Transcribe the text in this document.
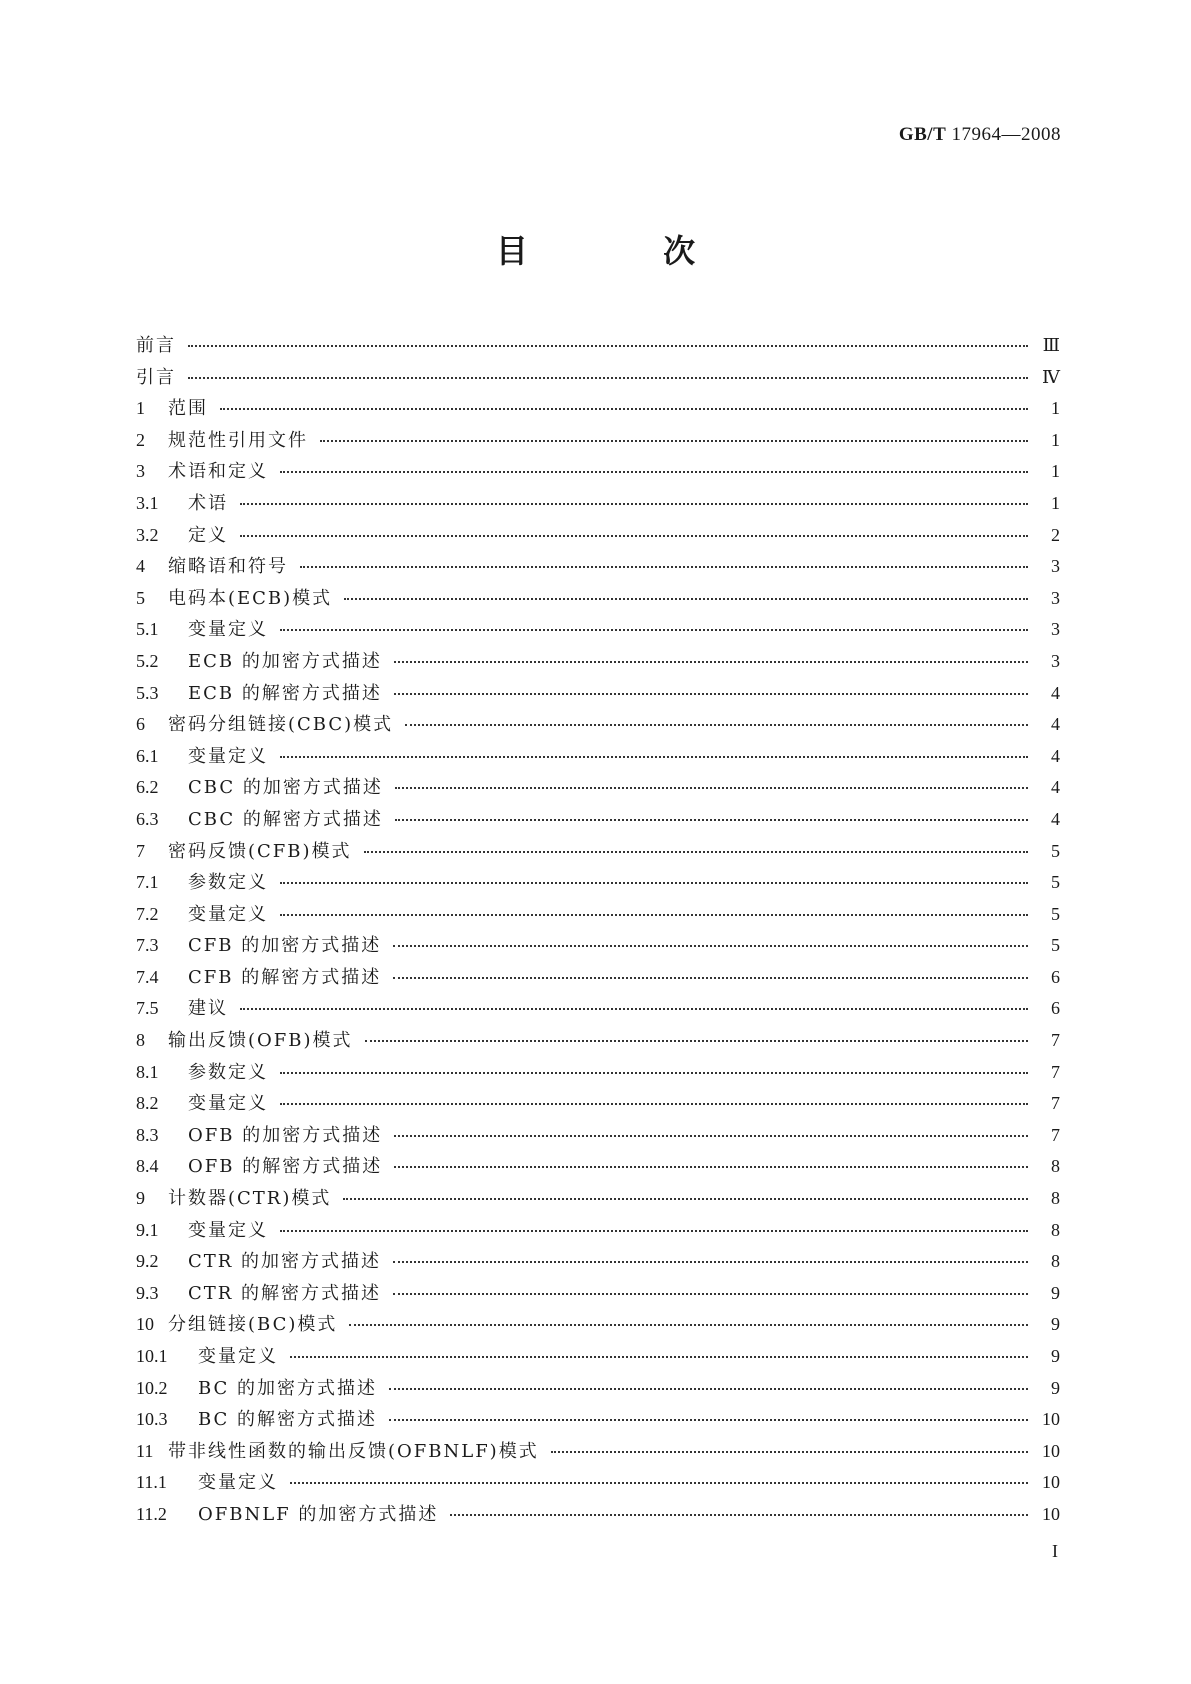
GB/T 17964—2008
目 次
前言	Ⅲ
引言	Ⅳ
1	范围	1
2	规范性引用文件	1
3	术语和定义	1
3.1	术语	1
3.2	定义	2
4	缩略语和符号	3
5	电码本(ECB)模式	3
5.1	变量定义	3
5.2	ECB 的加密方式描述	3
5.3	ECB 的解密方式描述	4
6	密码分组链接(CBC)模式	4
6.1	变量定义	4
6.2	CBC 的加密方式描述	4
6.3	CBC 的解密方式描述	4
7	密码反馈(CFB)模式	5
7.1	参数定义	5
7.2	变量定义	5
7.3	CFB 的加密方式描述	5
7.4	CFB 的解密方式描述	6
7.5	建议	6
8	输出反馈(OFB)模式	7
8.1	参数定义	7
8.2	变量定义	7
8.3	OFB 的加密方式描述	7
8.4	OFB 的解密方式描述	8
9	计数器(CTR)模式	8
9.1	变量定义	8
9.2	CTR 的加密方式描述	8
9.3	CTR 的解密方式描述	9
10 分组链接(BC)模式	9
10.1	变量定义	9
10.2	BC 的加密方式描述	9
10.3	BC 的解密方式描述	10
11 带非线性函数的输出反馈(OFBNLF)模式	10
11.1	变量定义	10
11.2	OFBNLF 的加密方式描述	10
I
